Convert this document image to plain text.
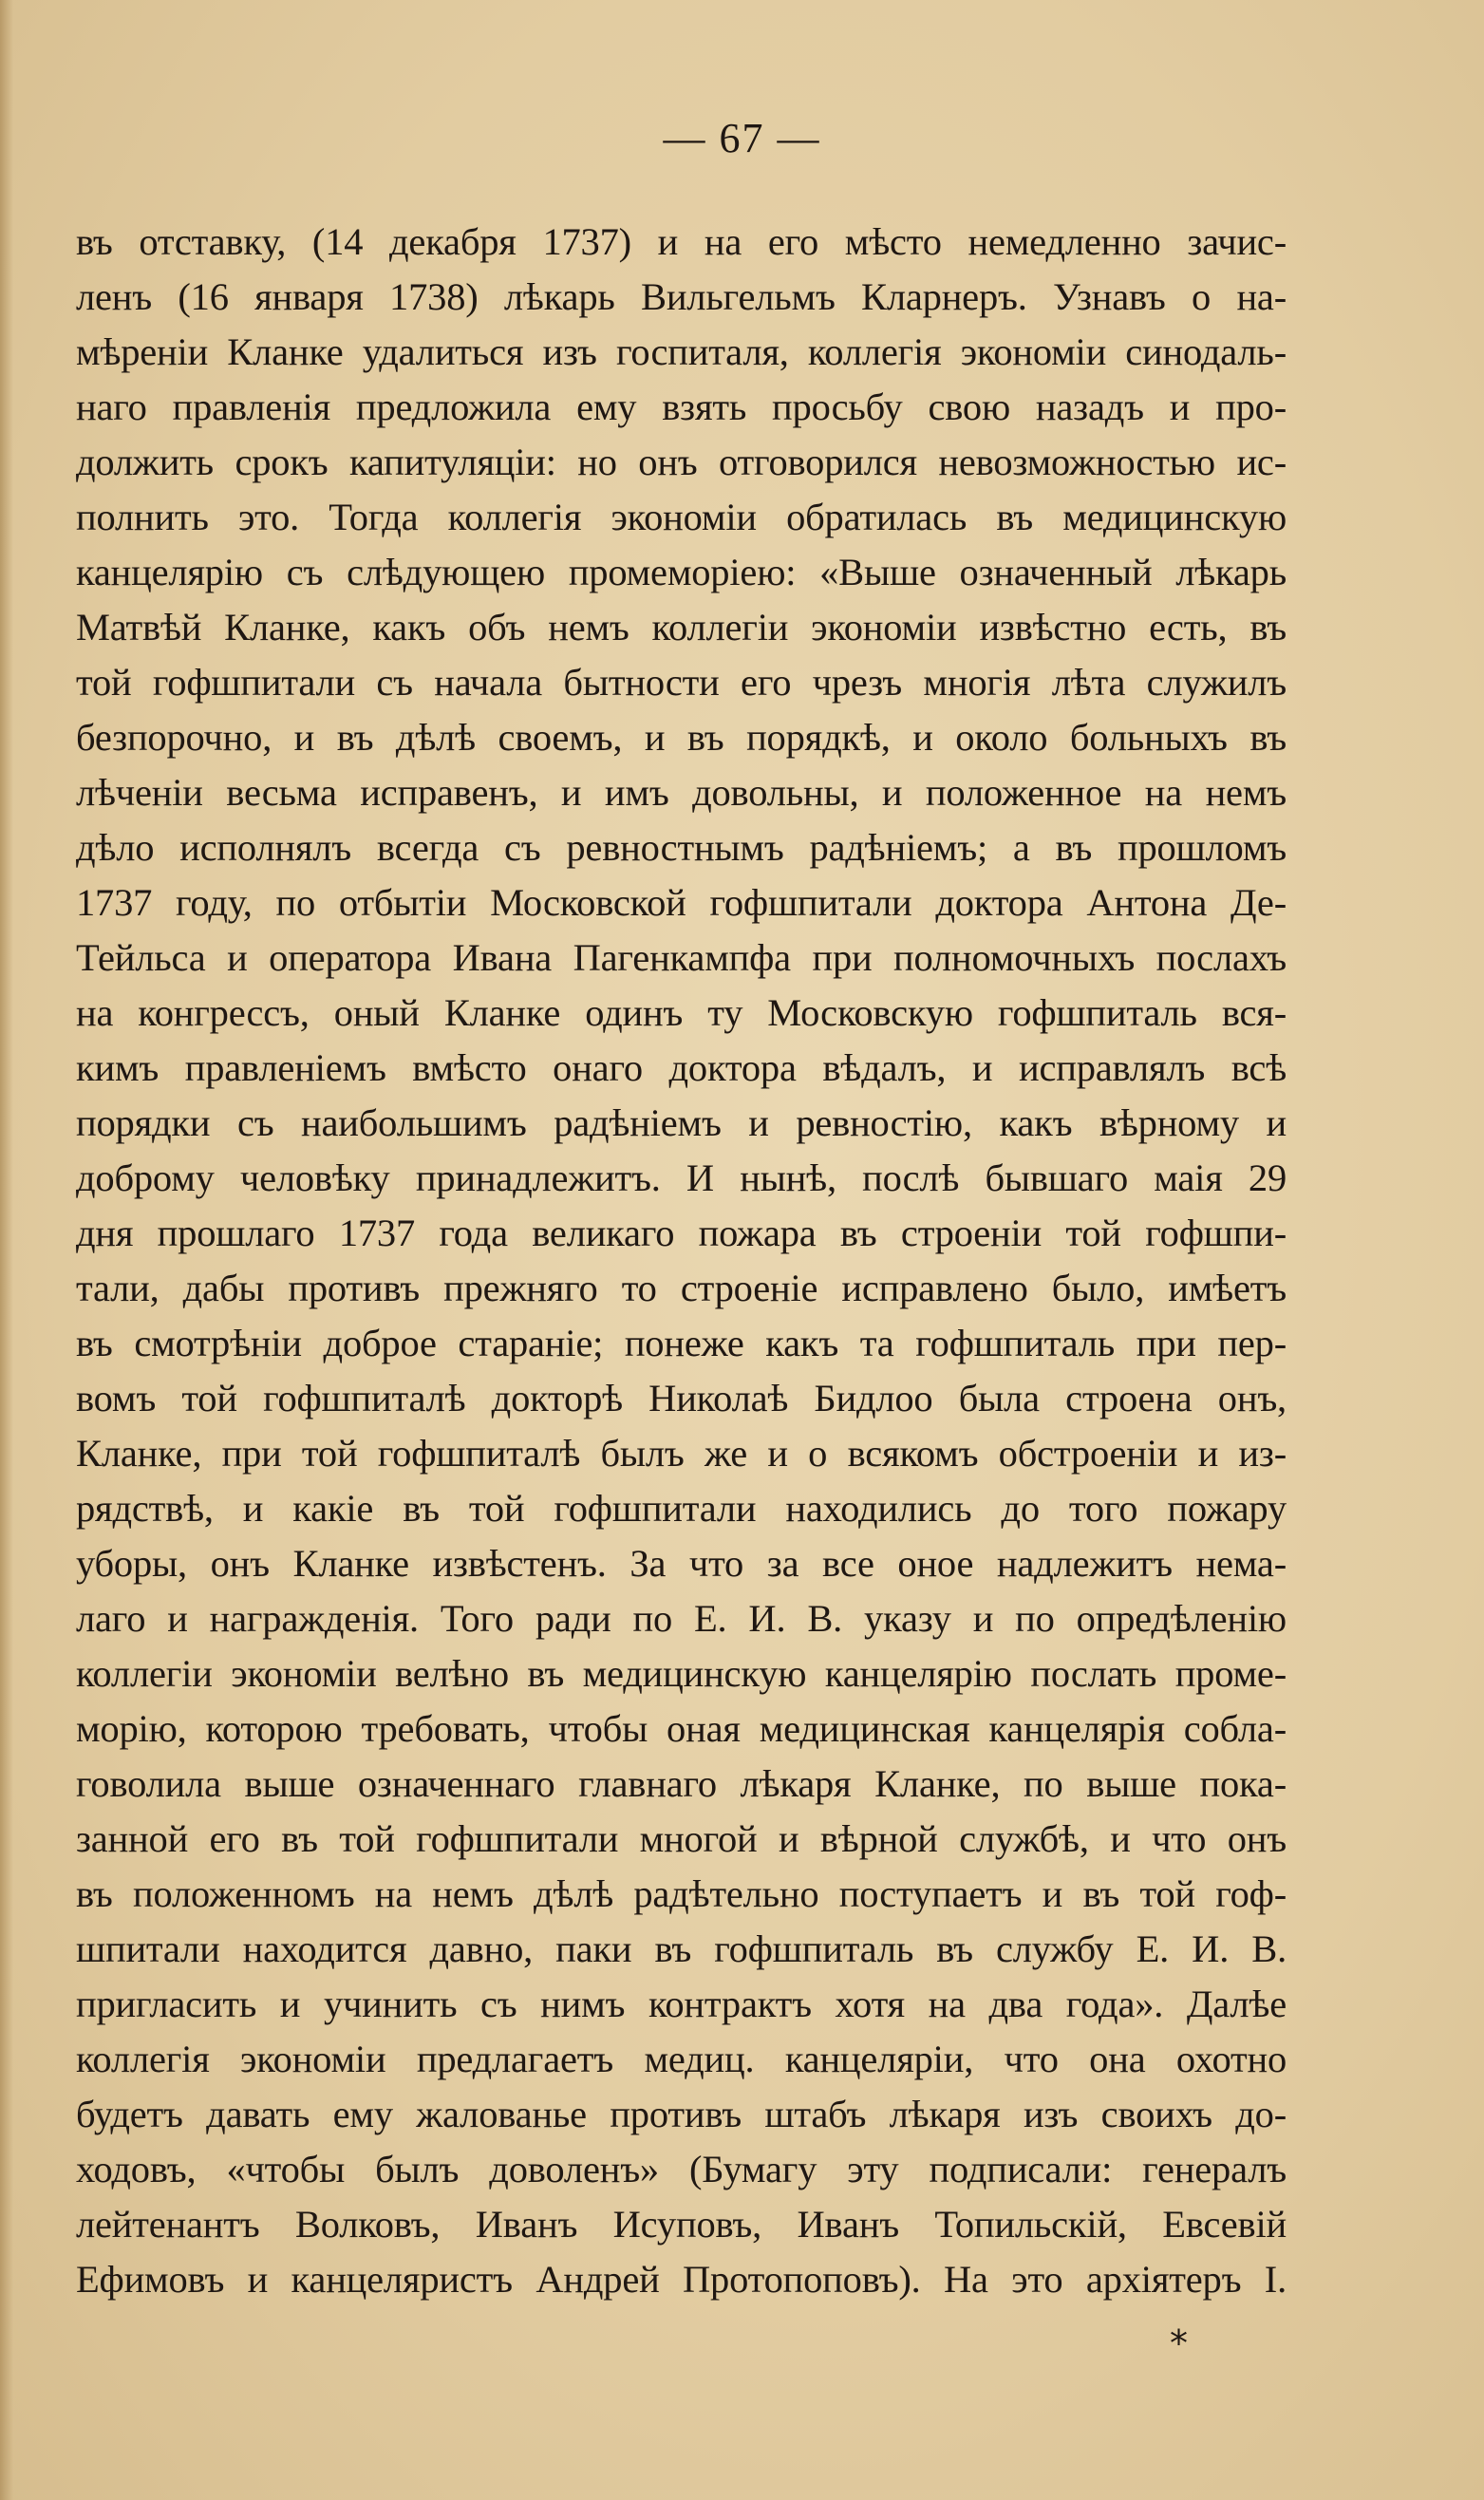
— 67 —
въ отставку, (14 декабря 1737) и на его мѣсто немедленно зачис-
ленъ (16 января 1738) лѣкарь Вильгельмъ Кларнеръ. Узнавъ о на-
мѣреніи Кланке удалиться изъ госпиталя, коллегія экономіи синодаль-
наго правленія предложила ему взять просьбу свою назадъ и про-
должить срокъ капитуляціи: но онъ отговорился невозможностью ис-
полнить это. Тогда коллегія экономіи обратилась въ медицинскую
канцелярію съ слѣдующею промеморіею: «Выше означенный лѣкарь
Матвѣй Кланке, какъ объ немъ коллегіи экономіи извѣстно есть, въ
той гофшпитали съ начала бытности его чрезъ многія лѣта служилъ
безпорочно, и въ дѣлѣ своемъ, и въ порядкѣ, и около больныхъ въ
лѣченіи весьма исправенъ, и имъ довольны, и положенное на немъ
дѣло исполнялъ всегда съ ревностнымъ радѣніемъ; а въ прошломъ
1737 году, по отбытіи Московской гофшпитали доктора Антона Де-
Тейльса и оператора Ивана Пагенкампфа при полномочныхъ послахъ
на конгрессъ, оный Кланке одинъ ту Московскую гофшпиталь вся-
кимъ правленіемъ вмѣсто онаго доктора вѣдалъ, и исправлялъ всѣ
порядки съ наибольшимъ радѣніемъ и ревностію, какъ вѣрному и
доброму человѣку принадлежитъ. И нынѣ, послѣ бывшаго маія 29
дня прошлаго 1737 года великаго пожара въ строеніи той гофшпи-
тали, дабы противъ прежняго то строеніе исправлено было, имѣетъ
въ смотрѣніи доброе стараніе; понеже какъ та гофшпиталь при пер-
вомъ той гофшпиталѣ докторѣ Николаѣ Бидлоо была строена онъ,
Кланке, при той гофшпиталѣ былъ же и о всякомъ обстроеніи и из-
рядствѣ, и какіе въ той гофшпитали находились до того пожару
уборы, онъ Кланке извѣстенъ. За что за все оное надлежитъ нема-
лаго и награжденія. Того ради по Е. И. В. указу и по опредѣленію
коллегіи экономіи велѣно въ медицинскую канцелярію послать проме-
морію, которою требовать, чтобы оная медицинская канцелярія собла-
говолила выше означеннаго главнаго лѣкаря Кланке, по выше пока-
занной его въ той гофшпитали многой и вѣрной службѣ, и что онъ
въ положенномъ на немъ дѣлѣ радѣтельно поступаетъ и въ той гоф-
шпитали находится давно, паки въ гофшпиталь въ службу Е. И. В.
пригласить и учинить съ нимъ контрактъ хотя на два года». Далѣе
коллегія экономіи предлагаетъ медиц. канцеляріи, что она охотно
будетъ давать ему жалованье противъ штабъ лѣкаря изъ своихъ до-
ходовъ, «чтобы былъ доволенъ» (Бумагу эту подписали: генералъ
лейтенантъ Волковъ, Иванъ Исуповъ, Иванъ Топильскій, Евсевій
Ефимовъ и канцеляристъ Андрей Протопоповъ). На это архіятеръ І.
*
